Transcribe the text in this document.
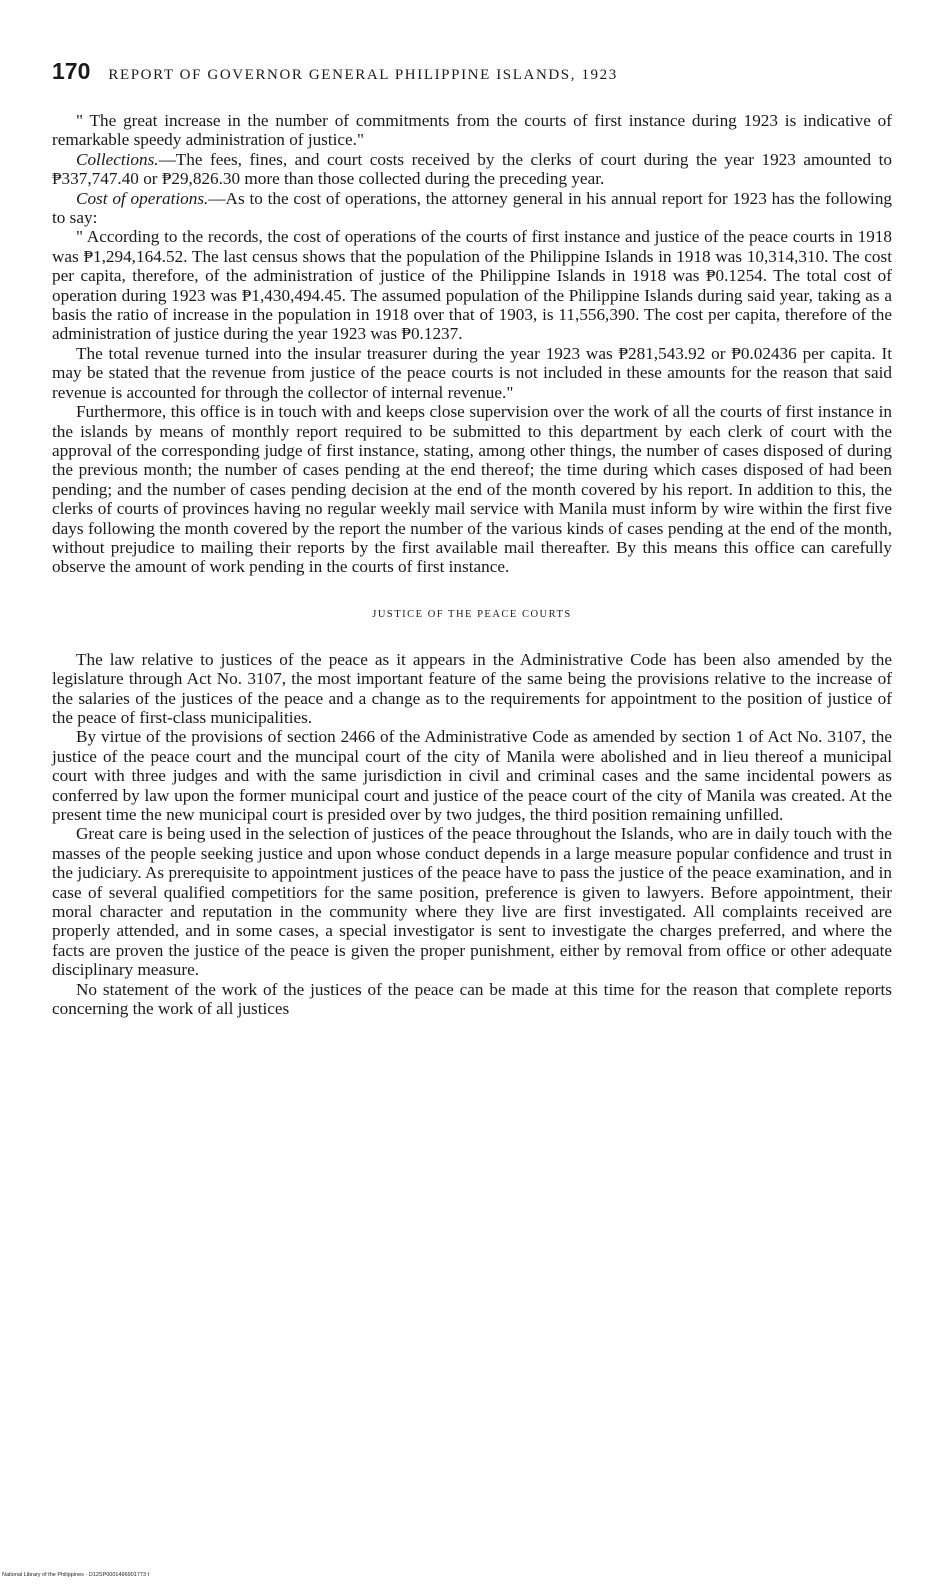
170 REPORT OF GOVERNOR GENERAL PHILIPPINE ISLANDS, 1923

" The great increase in the number of commitments from the courts of first instance during 1923 is indicative of remarkable speedy administration of justice."

Collections.—The fees, fines, and court costs received by the clerks of court during the year 1923 amounted to ₱337,747.40 or ₱29,826.30 more than those collected during the preceding year.

Cost of operations.—As to the cost of operations, the attorney general in his annual report for 1923 has the following to say:

" According to the records, the cost of operations of the courts of first instance and justice of the peace courts in 1918 was ₱1,294,164.52. The last census shows that the population of the Philippine Islands in 1918 was 10,314,310. The cost per capita, therefore, of the administration of justice of the Philippine Islands in 1918 was ₱0.1254. The total cost of operation during 1923 was ₱1,430,494.45. The assumed population of the Philippine Islands during said year, taking as a basis the ratio of increase in the population in 1918 over that of 1903, is 11,556,390. The cost per capita, therefore of the administration of justice during the year 1923 was ₱0.1237.

The total revenue turned into the insular treasurer during the year 1923 was ₱281,543.92 or ₱0.02436 per capita. It may be stated that the revenue from justice of the peace courts is not included in these amounts for the reason that said revenue is accounted for through the collector of internal revenue."

Furthermore, this office is in touch with and keeps close supervision over the work of all the courts of first instance in the islands by means of monthly report required to be submitted to this department by each clerk of court with the approval of the corresponding judge of first instance, stating, among other things, the number of cases disposed of during the previous month; the number of cases pending at the end thereof; the time during which cases disposed of had been pending; and the number of cases pending decision at the end of the month covered by his report. In addition to this, the clerks of courts of provinces having no regular weekly mail service with Manila must inform by wire within the first five days following the month covered by the report the number of the various kinds of cases pending at the end of the month, without prejudice to mailing their reports by the first available mail thereafter. By this means this office can carefully observe the amount of work pending in the courts of first instance.

JUSTICE OF THE PEACE COURTS

The law relative to justices of the peace as it appears in the Administrative Code has been also amended by the legislature through Act No. 3107, the most important feature of the same being the provisions relative to the increase of the salaries of the justices of the peace and a change as to the requirements for appointment to the position of justice of the peace of first-class municipalities.

By virtue of the provisions of section 2466 of the Administrative Code as amended by section 1 of Act No. 3107, the justice of the peace court and the muncipal court of the city of Manila were abolished and in lieu thereof a municipal court with three judges and with the same jurisdiction in civil and criminal cases and the same incidental powers as conferred by law upon the former municipal court and justice of the peace court of the city of Manila was created. At the present time the new municipal court is presided over by two judges, the third position remaining unfilled.

Great care is being used in the selection of justices of the peace throughout the Islands, who are in daily touch with the masses of the people seeking justice and upon whose conduct depends in a large measure popular confidence and trust in the judiciary. As prerequisite to appointment justices of the peace have to pass the justice of the peace examination, and in case of several qualified competitiors for the same position, preference is given to lawyers. Before appointment, their moral character and reputation in the community where they live are first investigated. All complaints received are properly attended, and in some cases, a special investigator is sent to investigate the charges preferred, and where the facts are proven the justice of the peace is given the proper punishment, either by removal from office or other adequate disciplinary measure.

No statement of the work of the justices of the peace can be made at this time for the reason that complete reports concerning the work of all justices

National Library of the Philippines · D12SP0001496901773 t
